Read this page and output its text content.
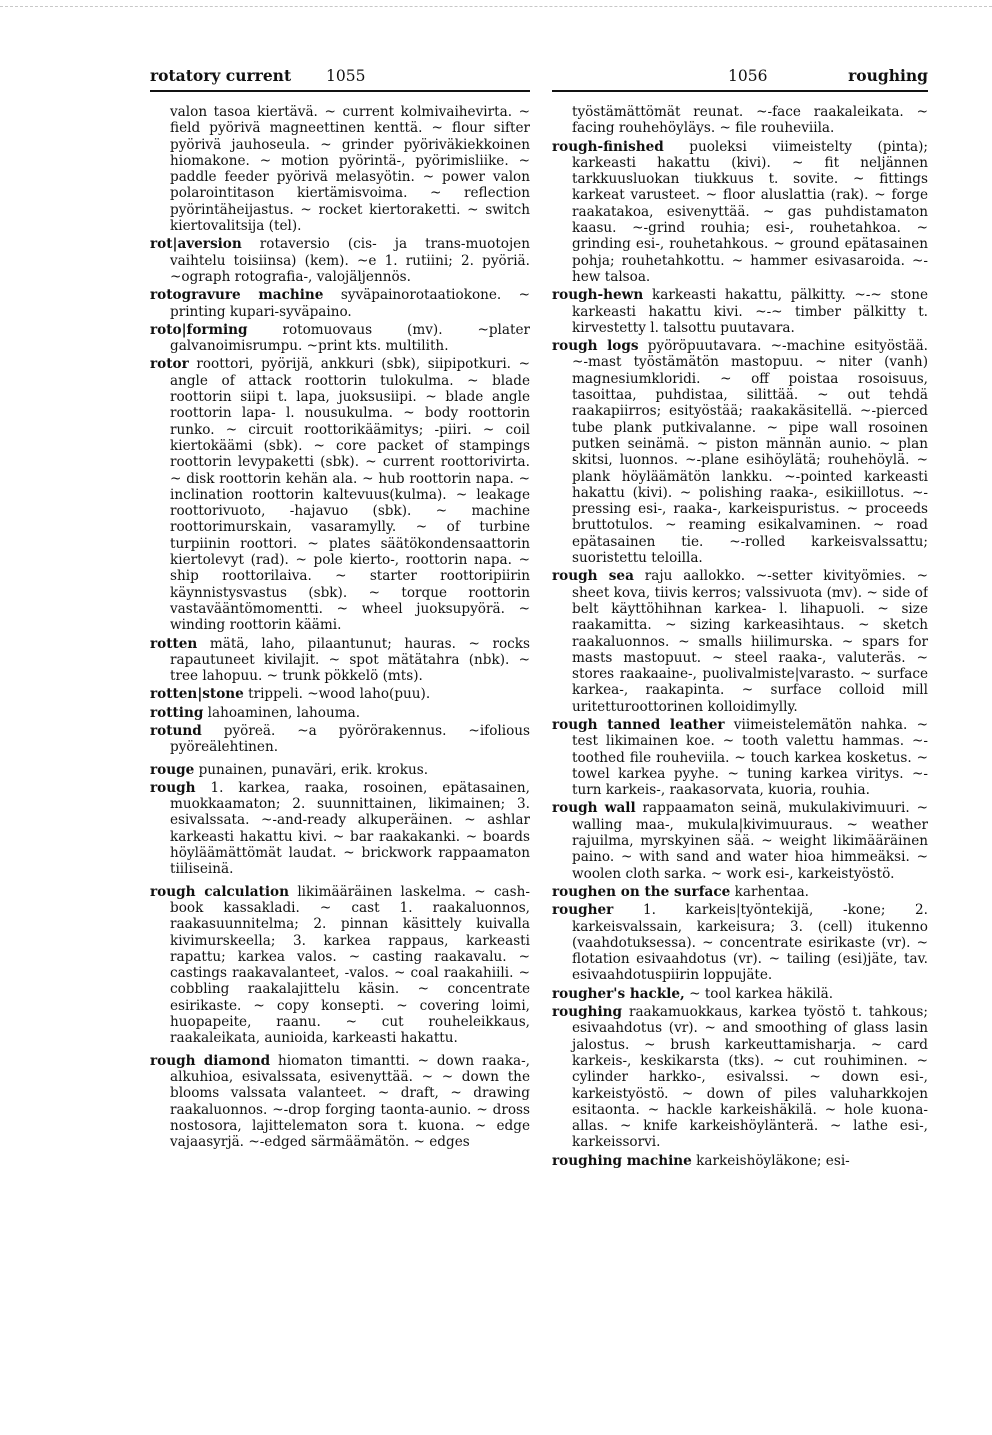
rotatory current 1055	1056	roughing

valon tasoa kiertävä. ~ current kolmivaihevirta. ~ field pyörivä magneettinen kenttä. ~ flour sifter pyörivä jauhoseula. ~ grinder pyöriväkiekkoinen hiomakone. ~ motion pyörintä-, pyörimisliike. ~ paddle feeder pyörivä melasyötin. ~ power valon polarointitason kiertämisvoima. ~ reflection pyörintäheijastus. ~ rocket kiertoraketti. ~ switch kiertovalitsija (tel).

rot|aversion rotaversio (cis- ja trans-muotojen vaihtelu toisiinsa) (kem). ~e 1. rutiini; 2. pyöriä. ~ograph rotografia-, valojäljennös.

rotogravure machine syväpainorotaatiokone. ~ printing kupari-syväpaino.

roto|forming rotomuovaus (mv). ~plater galvanoimisrumpu. ~print kts. multilith.

rotor roottori, pyörijä, ankkuri (sbk), siipipotkuri. ~ angle of attack roottorin tulokulma. ~ blade roottorin siipi t. lapa, juoksusiipi. ~ blade angle roottorin lapa- l. nousukulma. ~ body roottorin runko. ~ circuit roottorikäämitys; -piiri. ~ coil kiertokäämi (sbk). ~ core packet of stampings roottorin levypaketti (sbk). ~ current roottorivirta. ~ disk roottorin kehän ala. ~ hub roottorin napa. ~ inclination roottorin kaltevuus(kulma). ~ leakage roottorivuoto, -hajavuo (sbk). ~ machine roottorimurskain, vasaramylly. ~ of turbine turpiinin roottori. ~ plates säätökondensaattorin kiertolevyt (rad). ~ pole kierto-, roottorin napa. ~ ship roottorilaiva. ~ starter roottoripiirin käynnistysvastus (sbk). ~ torque roottorin vastavääntömomentti. ~ wheel juoksupyörä. ~ winding roottorin käämi.

rotten mätä, laho, pilaantunut; hauras. ~ rocks rapautuneet kivilajit. ~ spot mätätahra (nbk). ~ tree lahopuu. ~ trunk pökkelö (mts).

rotten|stone trippeli. ~wood laho(puu).

rotting lahoaminen, lahouma.

rotund pyöreä. ~a pyörörakennus. ~ifolious pyöreälehtinen.

rouge punainen, punaväri, erik. krokus.

rough 1. karkea, raaka, rosoinen, epätasainen, muokkaamaton; 2. suunnittainen, likimainen; 3. esivalssata. ~-and-ready alkuperäinen. ~ ashlar karkeasti hakattu kivi. ~ bar raakakanki. ~ boards höyläämättömät laudat. ~ brickwork rappaamaton tiiliseinä.

rough calculation likimääräinen laskelma. ~ cash-book kassakladi. ~ cast 1. raakaluonnos, raakasuunnitelma; 2. pinnan käsittely kuivalla kivimurskeella; 3. karkea rappaus, karkeasti rapattu; karkea valos. ~ casting raakavalu. ~ castings raakavalanteet, -valos. ~ coal raakahiili. ~ cobbling raakalajittelu käsin. ~ concentrate esirikaste. ~ copy konsepti. ~ covering loimi, huopapeite, raanu. ~ cut rouheleikkaus, raakaleikata, aunioida, karkeasti hakattu.

rough diamond hiomaton timantti. ~ down raaka-, alkuhioa, esivalssata, esivenyttää. ~ ~ down the blooms valssata valanteet. ~ draft, ~ drawing raakaluonnos. ~-drop forging taonta-aunio. ~ dross nostosora, lajittelematon sora t. kuona. ~ edge vajaasyrjä. ~-edged särmäämätön. ~ edges

työstämättömät reunat. ~-face raakaleikata. ~ facing rouhehöyläys. ~ file rouheviila.

rough-finished puoleksi viimeistelty (pinta); karkeasti hakattu (kivi). ~ fit neljännen tarkkuusluokan tiukkuus t. sovite. ~ fittings karkeat varusteet. ~ floor aluslattia (rak). ~ forge raakatakoa, esivenyttää. ~ gas puhdistamaton kaasu. ~-grind rouhia; esi-, rouhetahkoa. ~ grinding esi-, rouhetahkous. ~ ground epätasainen pohja; rouhetahkottu. ~ hammer esivasaroida. ~-hew talsoa.

rough-hewn karkeasti hakattu, pälkitty. ~-~ stone karkeasti hakattu kivi. ~-~ timber pälkitty t. kirvestetty l. talsottu puutavara.

rough logs pyöröpuutavara. ~-machine esityöstää. ~-mast työstämätön mastopuu. ~ niter (vanh) magnesiumkloridi. ~ off poistaa rosoisuus, tasoittaa, puhdistaa, silittää. ~ out tehdä raakapiirros; esityöstää; raakakäsitellä. ~-pierced tube plank putkivalanne. ~ pipe wall rosoinen putken seinämä. ~ piston männän aunio. ~ plan skitsi, luonnos. ~-plane esihöylätä; rouhehöylä. ~ plank höyläämätön lankku. ~-pointed karkeasti hakattu (kivi). ~ polishing raaka-, esikiillotus. ~-pressing esi-, raaka-, karkeispuristus. ~ proceeds bruttotulos. ~ reaming esikalvaminen. ~ road epätasainen tie. ~-rolled karkeisvalssattu; suoristettu teloilla.

rough sea raju aallokko. ~-setter kivityömies. ~ sheet kova, tiivis kerros; valssivuota (mv). ~ side of belt käyttöhihnan karkea- l. lihapuoli. ~ size raakamitta. ~ sizing karkeasihtaus. ~ sketch raakaluonnos. ~ smalls hiilimurska. ~ spars for masts mastopuut. ~ steel raaka-, valuteräs. ~ stores raakaaine-, puolivalmiste|varasto. ~ surface karkea-, raakapinta. ~ surface colloid mill uritetturoottorinen kolloidimylly.

rough tanned leather viimeistelemätön nahka. ~ test likimainen koe. ~ tooth valettu hammas. ~-toothed file rouheviila. ~ touch karkea kosketus. ~ towel karkea pyyhe. ~ tuning karkea viritys. ~-turn karkeis-, raakasorvata, kuoria, rouhia.

rough wall rappaamaton seinä, mukulakivimuuri. ~ walling maa-, mukula|kivimuuraus. ~ weather rajuilma, myrskyinen sää. ~ weight likimääräinen paino. ~ with sand and water hioa himmeäksi. ~ woolen cloth sarka. ~ work esi-, karkeistyöstö.

roughen on the surface karhentaa.

rougher 1. karkeis|työntekijä, -kone; 2. karkeisvalssain, karkeisura; 3. (cell) itukenno (vaahdotuksessa). ~ concentrate esirikaste (vr). ~ flotation esivaahdotus (vr). ~ tailing (esi)jäte, tav. esivaahdotuspiirin loppujäte.

rougher's hackle, ~ tool karkea häkilä.

roughing raakamuokkaus, karkea työstö t. tahkous; esivaahdotus (vr). ~ and smoothing of glass lasin jalostus. ~ brush karkeuttamisharja. ~ card karkeis-, keskikarsta (tks). ~ cut rouhiminen. ~ cylinder harkko-, esivalssi. ~ down esi-, karkeistyöstö. ~ down of piles valuharkkojen esitaonta. ~ hackle karkeishäkilä. ~ hole kuona-allas. ~ knife karkeishöylänterä. ~ lathe esi-, karkeissorvi.

roughing machine karkeishöyläkone; esi-
